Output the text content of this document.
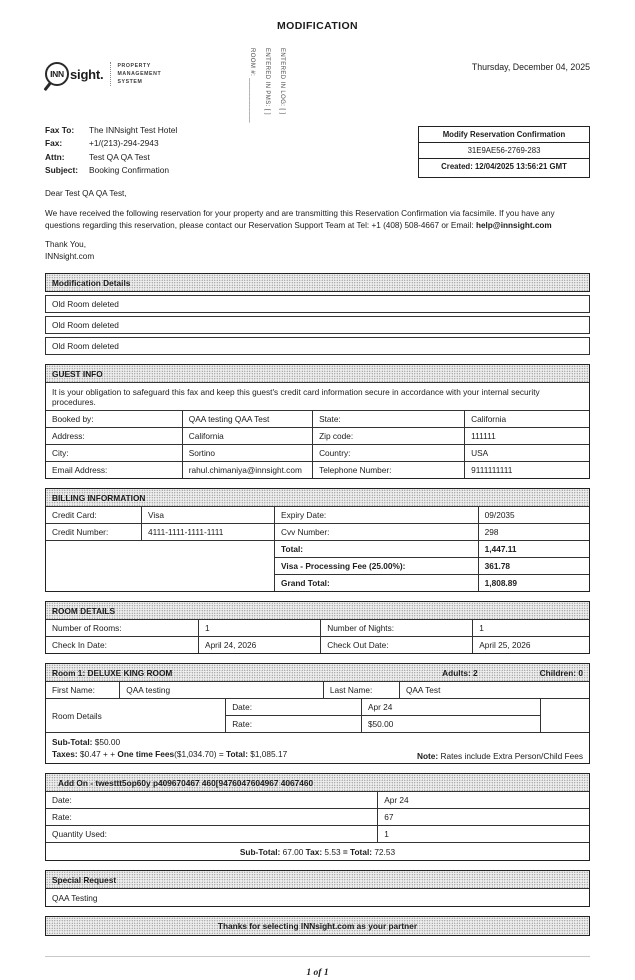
MODIFICATION
INN sight.
PROPERTY
MANAGEMENT
SYSTEM	ROOM #: ____________ ENTERED IN PMS: [ ] ENTERED IN LOG: [ ]	Thursday, December 04, 2025
Fax To:	The INNsight Test Hotel
Fax:	+1/(213)-294-2943
Attn:	Test QA QA Test
Subject:	Booking Confirmation
Modify Reservation Confirmation
31E9AE56-2769-283
Created: 12/04/2025 13:56:21 GMT
Dear Test QA QA Test,
We have received the following reservation for your property and are transmitting this Reservation Confirmation via facsimile. If you have any questions regarding this reservation, please contact our Reservation Support Team at Tel: +1 (408) 508-4667 or Email: help@innsight.com
Thank You,
INNsight.com
Modification Details
Old Room deleted
Old Room deleted
Old Room deleted
GUEST INFO
It is your obligation to safeguard this fax and keep this guest's credit card information secure in accordance with your internal security procedures.
Booked by:	QAA testing QAA Test	State:	California
Address:	California	Zip code:	111111
City:	Sortino	Country:	USA
Email Address:	rahul.chimaniya@innsight.com	Telephone Number:	9111111111
BILLING INFORMATION
Credit Card:	Visa	Expiry Date:	09/2035
Credit Number:	4111-1111-1111-1111	Cvv Number:	298
Total:	1,447.11
Visa - Processing Fee (25.00%):	361.78
Grand Total:	1,808.89
ROOM DETAILS
Number of Rooms:	1	Number of Nights:	1
Check In Date:	April 24, 2026	Check Out Date:	April 25, 2026
Room 1: DELUXE KING ROOM	Adults: 2	Children: 0
First Name:	QAA testing	Last Name:	QAA Test
Room Details
Date:	Apr 24
Rate:	$50.00
Sub-Total: $50.00
Taxes: $0.47 + + One time Fees($1,034.70) = Total: $1,085.17	Note: Rates include Extra Person/Child Fees
Add On - twesttt5op60y p409670467 460[9476047604967 4067460
Date:	Apr 24
Rate:	67
Quantity Used:	1
Sub-Total: 67.00 Tax: 5.53 = Total: 72.53
Special Request
QAA Testing
Thanks for selecting INNsight.com as your partner
1 of 1
